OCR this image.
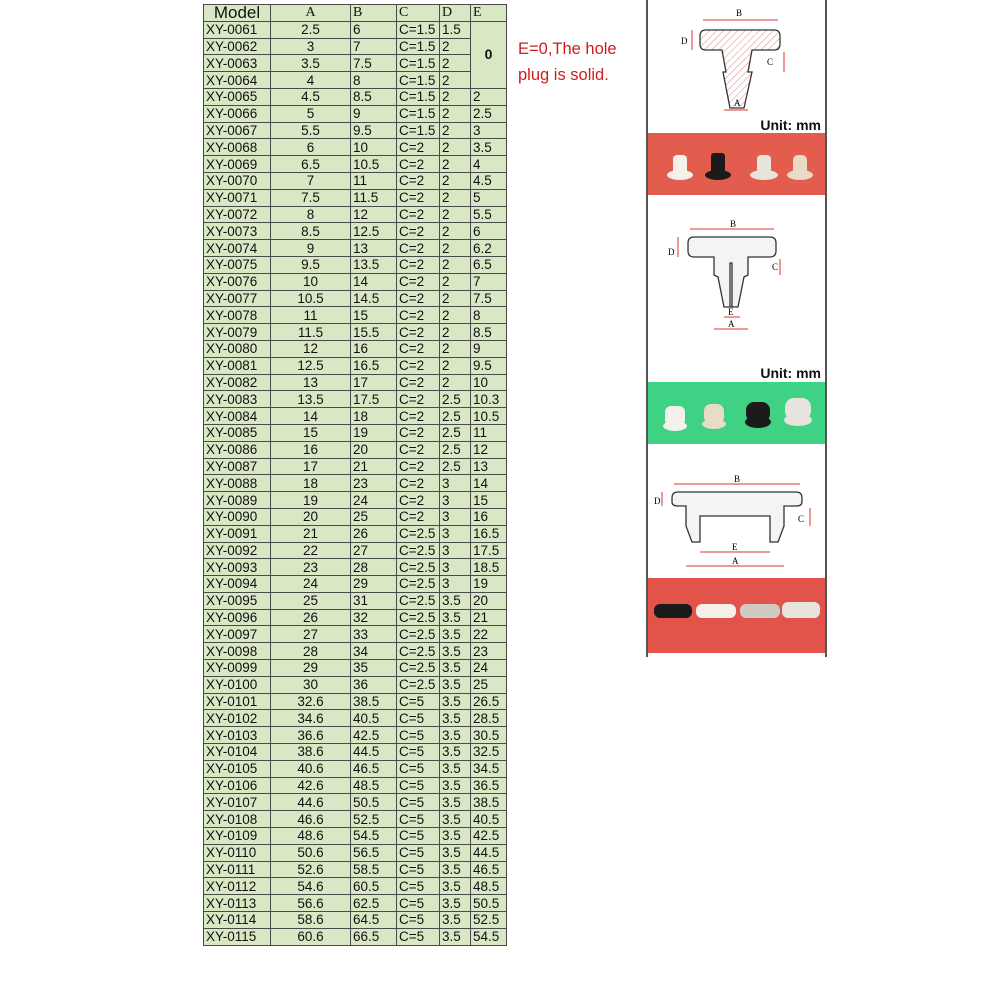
Model	A	B	C	D	E
XY-0061	2.5	6	C=1.5	1.5	0
XY-0062	3	7	C=1.5	2	
XY-0063	3.5	7.5	C=1.5	2	
XY-0064	4	8	C=1.5	2	
XY-0065	4.5	8.5	C=1.5	2	2
XY-0066	5	9	C=1.5	2	2.5
XY-0067	5.5	9.5	C=1.5	2	3
XY-0068	6	10	C=2	2	3.5
XY-0069	6.5	10.5	C=2	2	4
XY-0070	7	11	C=2	2	4.5
XY-0071	7.5	11.5	C=2	2	5
XY-0072	8	12	C=2	2	5.5
XY-0073	8.5	12.5	C=2	2	6
XY-0074	9	13	C=2	2	6.2
XY-0075	9.5	13.5	C=2	2	6.5
XY-0076	10	14	C=2	2	7
XY-0077	10.5	14.5	C=2	2	7.5
XY-0078	11	15	C=2	2	8
XY-0079	11.5	15.5	C=2	2	8.5
XY-0080	12	16	C=2	2	9
XY-0081	12.5	16.5	C=2	2	9.5
XY-0082	13	17	C=2	2	10
XY-0083	13.5	17.5	C=2	2.5	10.3
XY-0084	14	18	C=2	2.5	10.5
XY-0085	15	19	C=2	2.5	11
XY-0086	16	20	C=2	2.5	12
XY-0087	17	21	C=2	2.5	13
XY-0088	18	23	C=2	3	14
XY-0089	19	24	C=2	3	15
XY-0090	20	25	C=2	3	16
XY-0091	21	26	C=2.5	3	16.5
XY-0092	22	27	C=2.5	3	17.5
XY-0093	23	28	C=2.5	3	18.5
XY-0094	24	29	C=2.5	3	19
XY-0095	25	31	C=2.5	3.5	20
XY-0096	26	32	C=2.5	3.5	21
XY-0097	27	33	C=2.5	3.5	22
XY-0098	28	34	C=2.5	3.5	23
XY-0099	29	35	C=2.5	3.5	24
XY-0100	30	36	C=2.5	3.5	25
XY-0101	32.6	38.5	C=5	3.5	26.5
XY-0102	34.6	40.5	C=5	3.5	28.5
XY-0103	36.6	42.5	C=5	3.5	30.5
XY-0104	38.6	44.5	C=5	3.5	32.5
XY-0105	40.6	46.5	C=5	3.5	34.5
XY-0106	42.6	48.5	C=5	3.5	36.5
XY-0107	44.6	50.5	C=5	3.5	38.5
XY-0108	46.6	52.5	C=5	3.5	40.5
XY-0109	48.6	54.5	C=5	3.5	42.5
XY-0110	50.6	56.5	C=5	3.5	44.5
XY-0111	52.6	58.5	C=5	3.5	46.5
XY-0112	54.6	60.5	C=5	3.5	48.5
XY-0113	56.6	62.5	C=5	3.5	50.5
XY-0114	58.6	64.5	C=5	3.5	52.5
XY-0115	60.6	66.5	C=5	3.5	54.5
E=0,The hole
plug is solid.
B
D
C
A
Unit: mm
B
D
C
E
A
Unit: mm
B
D
C
E
A
